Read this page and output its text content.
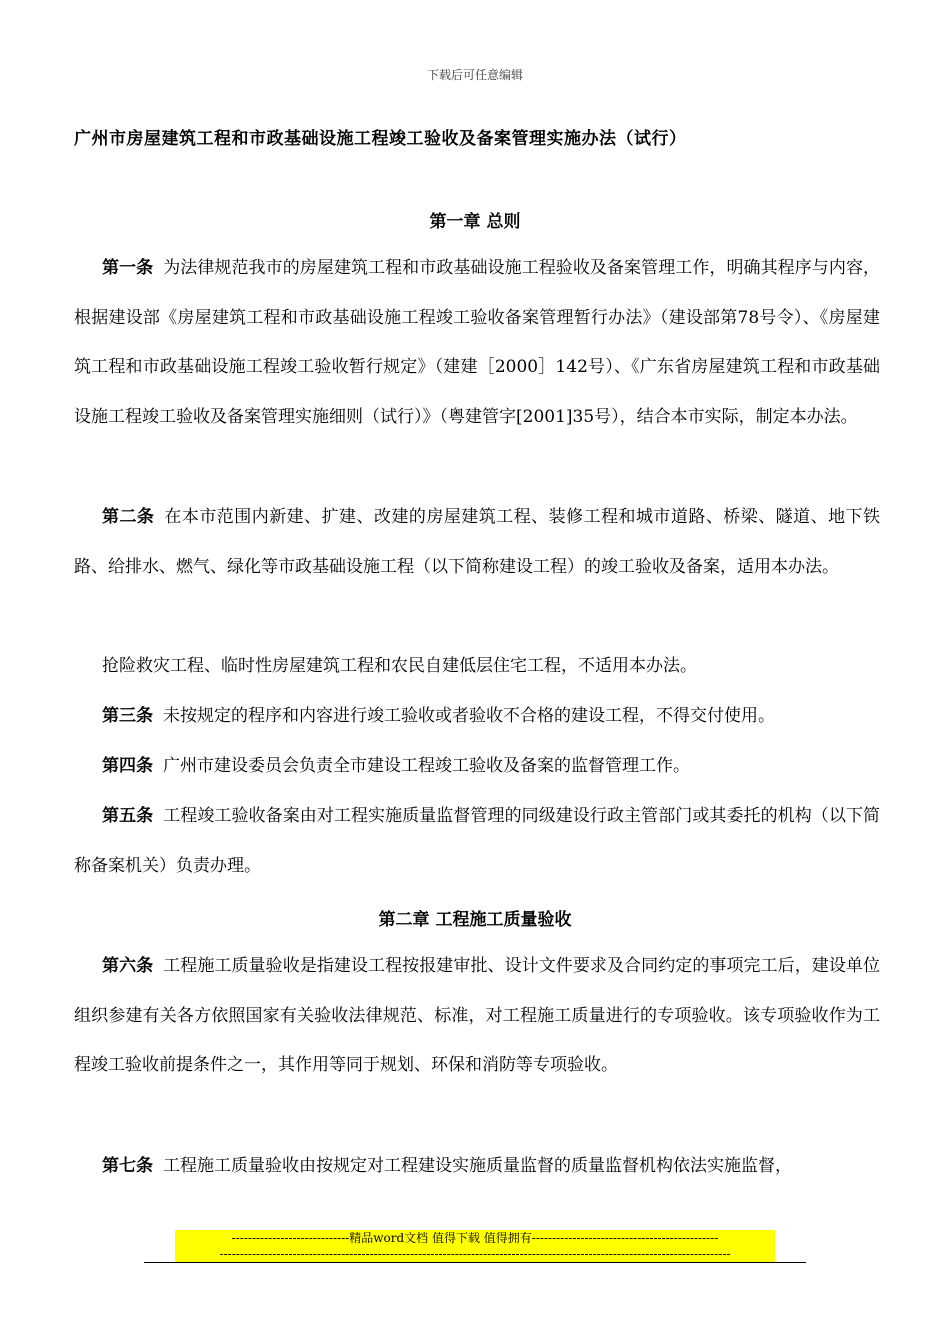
下载后可任意编辑
广州市房屋建筑工程和市政基础设施工程竣工验收及备案管理实施办法（试行）
第一章 总则

第一条 为法律规范我市的房屋建筑工程和市政基础设施工程验收及备案管理工作，明确其程序与内容，根据建设部《房屋建筑工程和市政基础设施工程竣工验收备案管理暂行办法》（建设部第78号令）、《房屋建筑工程和市政基础设施工程竣工验收暂行规定》（建建［2000］142号）、《广东省房屋建筑工程和市政基础设施工程竣工验收及备案管理实施细则（试行）》（粤建管字[2001]35号），结合本市实际，制定本办法。

第二条 在本市范围内新建、扩建、改建的房屋建筑工程、装修工程和城市道路、桥梁、隧道、地下铁路、给排水、燃气、绿化等市政基础设施工程（以下简称建设工程）的竣工验收及备案，适用本办法。

抢险救灾工程、临时性房屋建筑工程和农民自建低层住宅工程，不适用本办法。

第三条 未按规定的程序和内容进行竣工验收或者验收不合格的建设工程，不得交付使用。

第四条 广州市建设委员会负责全市建设工程竣工验收及备案的监督管理工作。

第五条 工程竣工验收备案由对工程实施质量监督管理的同级建设行政主管部门或其委托的机构（以下简称备案机关）负责办理。

第二章 工程施工质量验收

第六条 工程施工质量验收是指建设工程按报建审批、设计文件要求及合同约定的事项完工后，建设单位组织参建有关各方依照国家有关验收法律规范、标准，对工程施工质量进行的专项验收。该专项验收作为工程竣工验收前提条件之一，其作用等同于规划、环保和消防等专项验收。

第七条 工程施工质量验收由按规定对工程建设实施质量监督的质量监督机构依法实施监督，

-----------------------------精品word文档 值得下载 值得拥有----------------------------------------------
------------------------------------------------------------------------------------------------------------------------------
